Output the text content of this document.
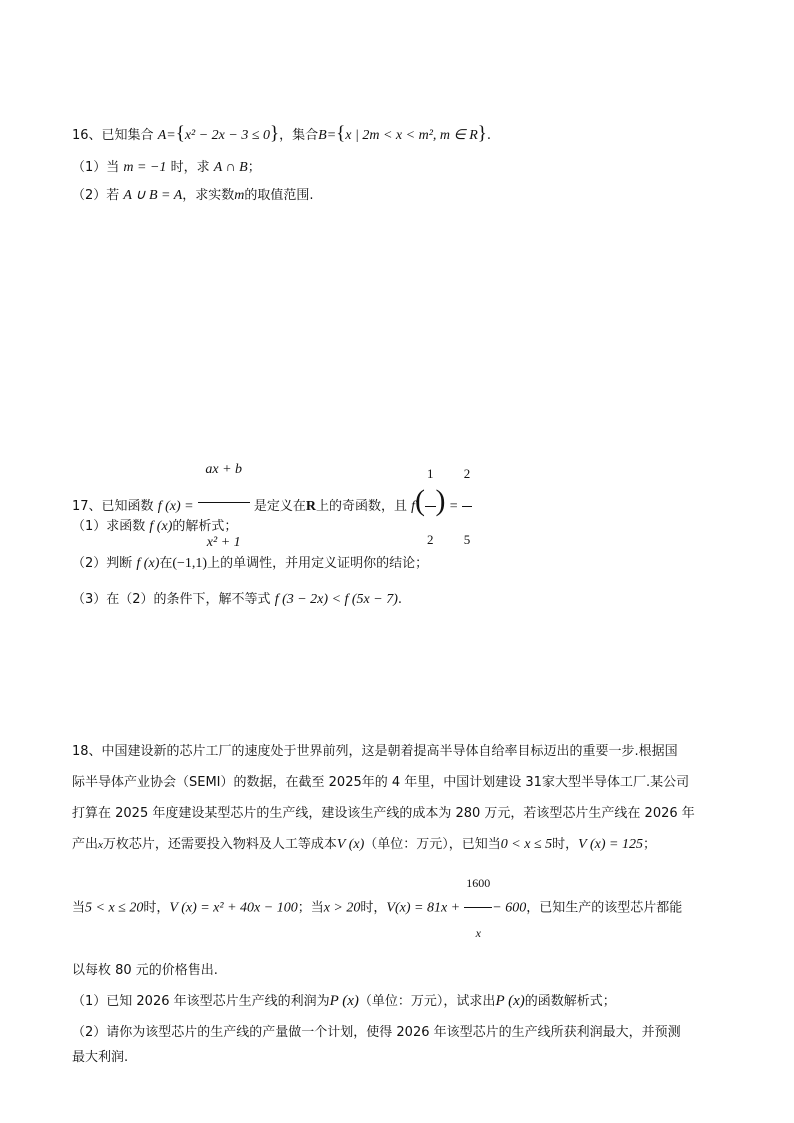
16、已知集合 A={x² − 2x − 3 ≤ 0}，集合B={x | 2m < x < m², m ∈ R}.
（1）当 m = −1 时，求 A ∩ B；
（2）若 A ∪ B = A，求实数m的取值范围.
17、已知函数 f $(x) = \frac{ax + b}{\text{x² + 1}}$ 是定义在R上的奇函数，且 $f( \frac{1}{2}$ ) = $\frac{2}{5}$
（1）求函数 f (x)的解析式；
（2）判断 f (x)在(−1,1)上的单调性，并用定义证明你的结论；
（3）在（2）的条件下，解不等式 f (3 − 2x) < f (5x − 7).
18、中国建设新的芯片工厂的速度处于世界前列，这是朝着提高半导体自给率目标迈出的重要一步.根据国
际半导体产业协会（SEMI）的数据，在截至 2025年的 4 年里，中国计划建设 31家大型半导体工厂.某公司
打算在 2025 年度建设某型芯片的生产线，建设该生产线的成本为 280 万元，若该型芯片生产线在 2026 年
产出x万枚芯片，还需要投入物料及人工等成本V (x)（单位：万元），已知当0 < x ≤ 5时，V (x) = 125；
当5 < x ≤ 20时，V (x) = x² + 40x − 100；当x > 20时，$V(x) = 81x + \frac{1600}{x} - 600$，已知生产的该型芯片都能
以每枚 80 元的价格售出.
（1）已知 2026 年该型芯片生产线的利润为P (x)（单位：万元），试求出P (x)的函数解析式；
（2）请你为该型芯片的生产线的产量做一个计划，使得 2026 年该型芯片的生产线所获利润最大，并预测
最大利润.
